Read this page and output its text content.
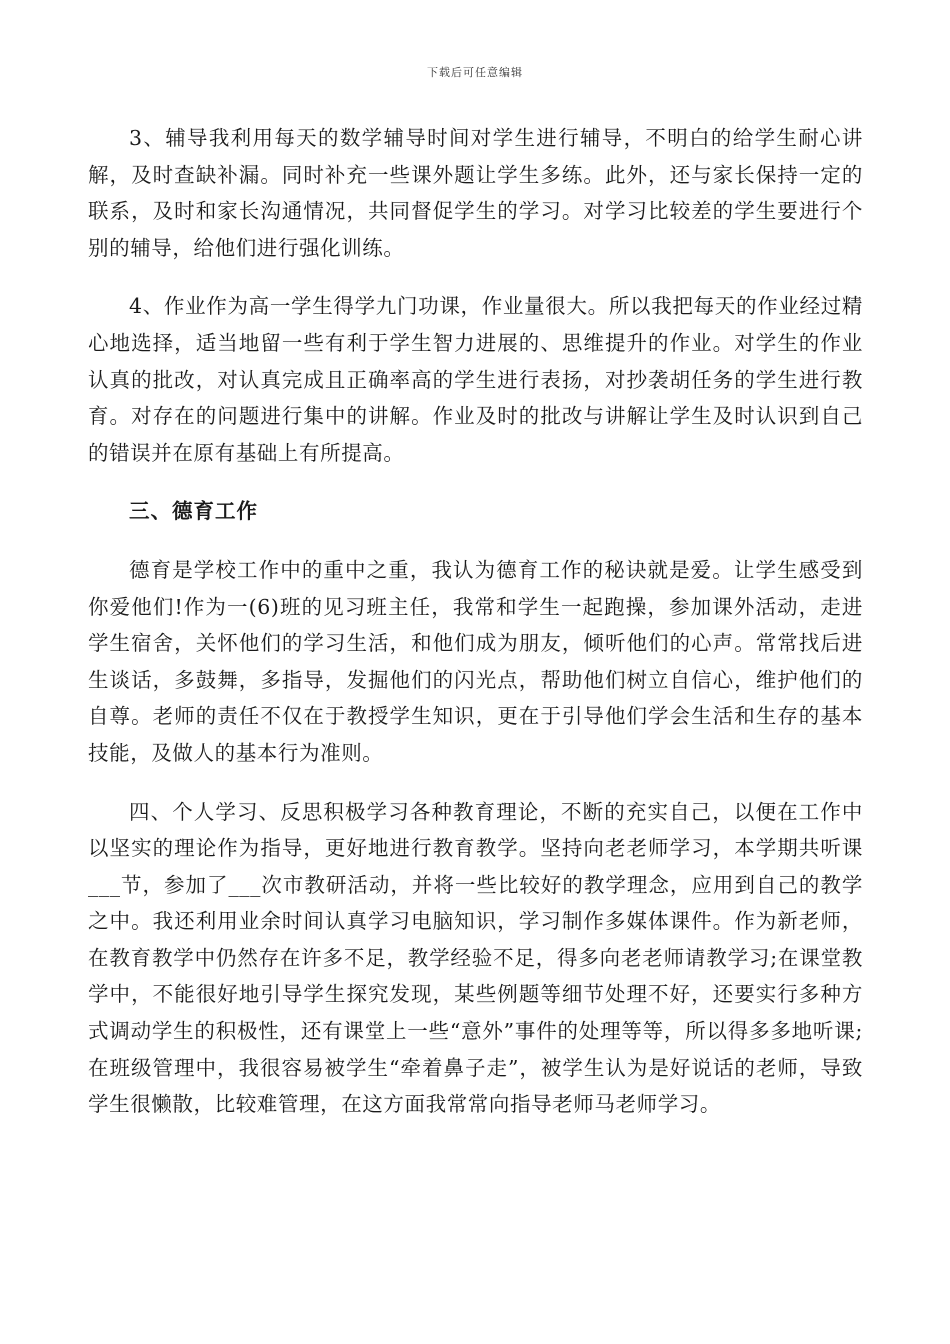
下载后可任意编辑

3、辅导我利用每天的数学辅导时间对学生进行辅导，不明白的给学生耐心讲解，及时查缺补漏。同时补充一些课外题让学生多练。此外，还与家长保持一定的联系，及时和家长沟通情况，共同督促学生的学习。对学习比较差的学生要进行个别的辅导，给他们进行强化训练。

4、作业作为高一学生得学九门功课，作业量很大。所以我把每天的作业经过精心地选择，适当地留一些有利于学生智力进展的、思维提升的作业。对学生的作业认真的批改，对认真完成且正确率高的学生进行表扬，对抄袭胡任务的学生进行教育。对存在的问题进行集中的讲解。作业及时的批改与讲解让学生及时认识到自己的错误并在原有基础上有所提高。

三、德育工作

德育是学校工作中的重中之重，我认为德育工作的秘诀就是爱。让学生感受到你爱他们!作为一(6)班的见习班主任，我常和学生一起跑操，参加课外活动，走进学生宿舍，关怀他们的学习生活，和他们成为朋友，倾听他们的心声。常常找后进生谈话，多鼓舞，多指导，发掘他们的闪光点，帮助他们树立自信心，维护他们的自尊。老师的责任不仅在于教授学生知识，更在于引导他们学会生活和生存的基本技能，及做人的基本行为准则。

四、个人学习、反思积极学习各种教育理论，不断的充实自己，以便在工作中以坚实的理论作为指导，更好地进行教育教学。坚持向老老师学习，本学期共听课___节，参加了___次市教研活动，并将一些比较好的教学理念，应用到自己的教学之中。我还利用业余时间认真学习电脑知识，学习制作多媒体课件。作为新老师，在教育教学中仍然存在许多不足，教学经验不足，得多向老老师请教学习;在课堂教学中，不能很好地引导学生探究发现，某些例题等细节处理不好，还要实行多种方式调动学生的积极性，还有课堂上一些“意外”事件的处理等等，所以得多多地听课;在班级管理中，我很容易被学生“牵着鼻子走”，被学生认为是好说话的老师，导致学生很懒散，比较难管理，在这方面我常常向指导老师马老师学习。
